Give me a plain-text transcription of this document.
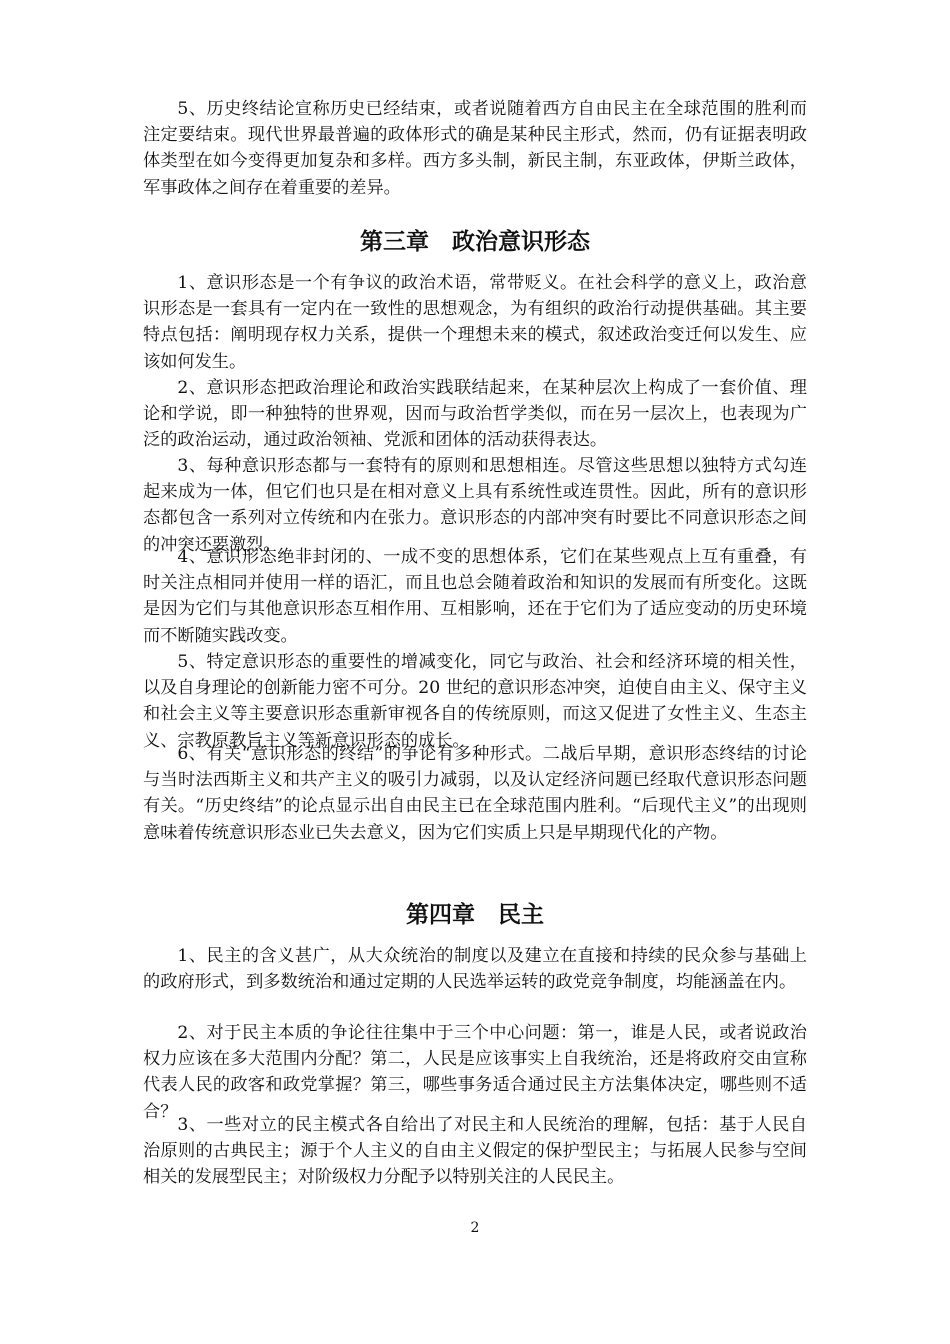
5、历史终结论宣称历史已经结束，或者说随着西方自由民主在全球范围的胜利而注定要结束。现代世界最普遍的政体形式的确是某种民主形式，然而，仍有证据表明政体类型在如今变得更加复杂和多样。西方多头制，新民主制，东亚政体，伊斯兰政体，军事政体之间存在着重要的差异。

第三章　政治意识形态

1、意识形态是一个有争议的政治术语，常带贬义。在社会科学的意义上，政治意识形态是一套具有一定内在一致性的思想观念，为有组织的政治行动提供基础。其主要特点包括：阐明现存权力关系，提供一个理想未来的模式，叙述政治变迁何以发生、应该如何发生。

2、意识形态把政治理论和政治实践联结起来，在某种层次上构成了一套价值、理论和学说，即一种独特的世界观，因而与政治哲学类似，而在另一层次上，也表现为广泛的政治运动，通过政治领袖、党派和团体的活动获得表达。

3、每种意识形态都与一套特有的原则和思想相连。尽管这些思想以独特方式勾连起来成为一体，但它们也只是在相对意义上具有系统性或连贯性。因此，所有的意识形态都包含一系列对立传统和内在张力。意识形态的内部冲突有时要比不同意识形态之间的冲突还要激烈。

4、意识形态绝非封闭的、一成不变的思想体系，它们在某些观点上互有重叠，有时关注点相同并使用一样的语汇，而且也总会随着政治和知识的发展而有所变化。这既是因为它们与其他意识形态互相作用、互相影响，还在于它们为了适应变动的历史环境而不断随实践改变。

5、特定意识形态的重要性的增减变化，同它与政治、社会和经济环境的相关性，以及自身理论的创新能力密不可分。20 世纪的意识形态冲突，迫使自由主义、保守主义和社会主义等主要意识形态重新审视各自的传统原则，而这又促进了女性主义、生态主义、宗教原教旨主义等新意识形态的成长。

6、有关“意识形态的终结”的争论有多种形式。二战后早期，意识形态终结的讨论与当时法西斯主义和共产主义的吸引力减弱，以及认定经济问题已经取代意识形态问题有关。“历史终结”的论点显示出自由民主已在全球范围内胜利。“后现代主义”的出现则意味着传统意识形态业已失去意义，因为它们实质上只是早期现代化的产物。

第四章　民主

1、民主的含义甚广，从大众统治的制度以及建立在直接和持续的民众参与基础上的政府形式，到多数统治和通过定期的人民选举运转的政党竞争制度，均能涵盖在内。

2、对于民主本质的争论往往集中于三个中心问题：第一，谁是人民，或者说政治权力应该在多大范围内分配？第二，人民是应该事实上自我统治，还是将政府交由宣称代表人民的政客和政党掌握？第三，哪些事务适合通过民主方法集体决定，哪些则不适合？

3、一些对立的民主模式各自给出了对民主和人民统治的理解，包括：基于人民自治原则的古典民主；源于个人主义的自由主义假定的保护型民主；与拓展人民参与空间相关的发展型民主；对阶级权力分配予以特别关注的人民民主。

2
